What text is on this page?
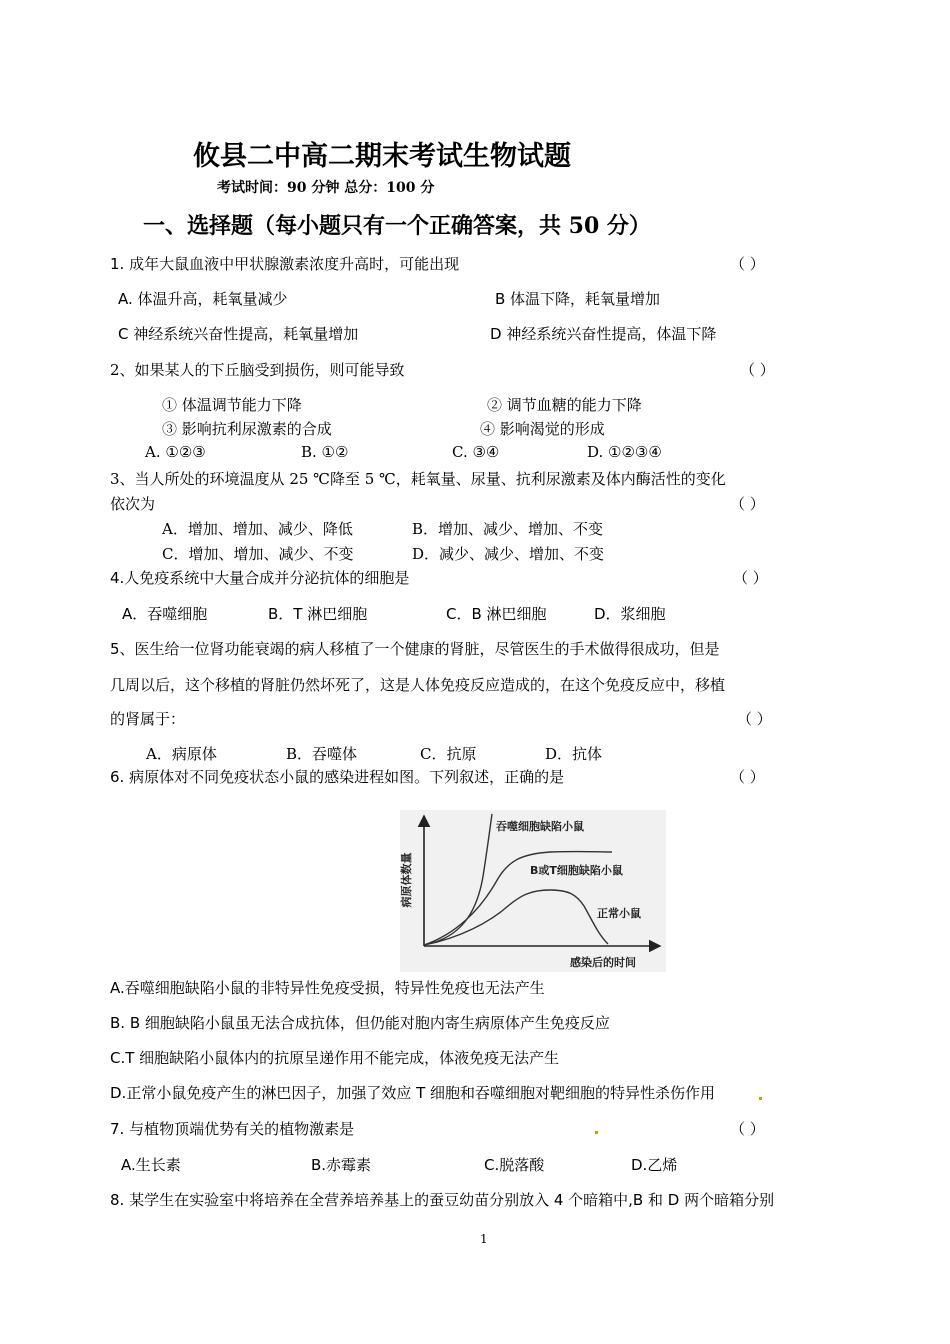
攸县二中高二期末考试生物试题
考试时间：90 分钟 总分：100 分
一、选择题（每小题只有一个正确答案，共 50 分）
1. 成年大鼠血液中甲状腺激素浓度升高时，可能出现	（ ）
A. 体温升高，耗氧量减少	B 体温下降，耗氧量增加
C 神经系统兴奋性提高，耗氧量增加	D 神经系统兴奋性提高，体温下降
2、如果某人的下丘脑受到损伤，则可能导致	（ ）
① 体温调节能力下降	② 调节血糖的能力下降
③ 影响抗利尿激素的合成	④ 影响渴觉的形成
A. ①②③	B. ①②	C. ③④	D. ①②③④
3、当人所处的环境温度从 25 ℃降至 5 ℃，耗氧量、尿量、抗利尿激素及体内酶活性的变化
依次为	（ ）
A．增加、增加、减少、降低	B．增加、减少、增加、不变
C．增加、增加、减少、不变	D．减少、减少、增加、不变
4.人免疫系统中大量合成并分泌抗体的细胞是	（ ）
A．吞噬细胞	B．T 淋巴细胞	C．B 淋巴细胞	D．浆细胞
5、医生给一位肾功能衰竭的病人移植了一个健康的肾脏，尽管医生的手术做得很成功，但是
几周以后，这个移植的肾脏仍然坏死了，这是人体免疫反应造成的，在这个免疫反应中，移植
的肾属于：	（ ）
A．病原体	B．吞噬体	C．抗原	D．抗体
6. 病原体对不同免疫状态小鼠的感染进程如图。下列叙述，正确的是	（ ）
病原体数量
感染后的时间
吞噬细胞缺陷小鼠
B或T细胞缺陷小鼠
正常小鼠
A.吞噬细胞缺陷小鼠的非特异性免疫受损，特异性免疫也无法产生
B. B 细胞缺陷小鼠虽无法合成抗体，但仍能对胞内寄生病原体产生免疫反应
C.T 细胞缺陷小鼠体内的抗原呈递作用不能完成，体液免疫无法产生
D.正常小鼠免疫产生的淋巴因子，加强了效应 T 细胞和吞噬细胞对靶细胞的特异性杀伤作用
7. 与植物顶端优势有关的植物激素是	（ ）
A.生长素	B.赤霉素	C.脱落酸	D.乙烯
8. 某学生在实验室中将培养在全营养培养基上的蚕豆幼苗分别放入 4 个暗箱中,B 和 D 两个暗箱分别
1
